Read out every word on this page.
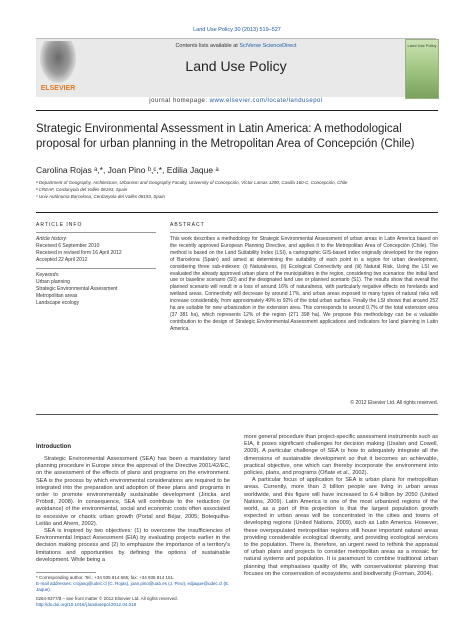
Land Use Policy 30 (2013) 519–527
ELSEVIER
Contents lists available at SciVerse ScienceDirect
Land Use Policy
Land Use Policy
journal homepage: www.elsevier.com/locate/landusepol
Strategic Environmental Assessment in Latin America: A methodological proposal for urban planning in the Metropolitan Area of Concepción (Chile)
Carolina Rojas ᵃ,*, Joan Pino ᵇ,ᶜ,*, Edilia Jaque ᵃ
ᵃ Department of Geography, Architecture, Urbanism and Geography Faculty, University of Concepción, Víctor Lamas 1290, Casilla 160-C, Concepción, Chile
ᵇ CREAF, Cerdanyola del Vallès 08193, Spain
ᶜ Univ Autònoma Barcelona, Cerdanyola del Vallès 08193, Spain
ARTICLE INFO
Article history:
Received 6 September 2010
Received in revised form 16 April 2012
Accepted 22 April 2012
Keywords:
Urban planning
Strategic Environmental Assessment
Metropolitan areas
Landscape ecology
ABSTRACT
This work describes a methodology for Strategic Environmental Assessment of urban areas in Latin America based on the recently approved European Planning Directive, and applies it to the Metropolitan Area of Concepción (Chile). The method is based on the Land Suitability Index (LSI), a cartographic GIS-based index originally developed for the region of Barcelona (Spain) and aimed at determining the suitability of each point in a region for urban development, considering three sub-indexes: (i) Naturalness, (ii) Ecological Connectivity and (iii) Natural Risk. Using the LSI we evaluated the already approved urban plans of the municipalities in the region, considering two scenarios: the initial land use or baseline scenario (S0) and the designated land use or planned scenario (S1). The results show that overall the planned scenario will result in a loss of around 16% of naturalness, with particularly negative effects on forelands and wetland areas. Connectivity will decrease by around 17%, and urban areas exposed to many types of natural risks will increase considerably, from approximately 49% to 92% of the total urban surface. Finally the LSI shows that around 252 ha are suitable for new urbanization in the extension area. This corresponds to around 0.7% of the total extension area (37 381 ha), which represents 12% of the region (271 398 ha). We propose this methodology can be a valuable contribution to the design of Strategic Environmental Assessment applications and indicators for land planning in Latin America.
© 2012 Elsevier Ltd. All rights reserved.
Introduction

Strategic Environmental Assessment (SEA) has been a mandatory land planning procedure in Europe since the approval of the Directive 2001/42/EC, on the assessment of the effects of plans and programs on the environment. SEA is the process by which environmental considerations are required to be integrated into the preparation and adoption of these plans and programs in order to promote environmentally sustainable development (Jiricka and Pröbstl, 2008). In consequence, SEA will contribute to the reduction (or avoidance) of the environmental, social and economic costs often associated to excessive or chaotic urban growth (Portal and Béjar, 2005; Botequilha-Leitão and Ahern, 2002).

SEA is inspired by two objectives: (1) to overcome the insufficiencies of Environmental Impact Assessment (EIA) by evaluating projects earlier in the decision making process and (2) to emphasize the importance of a territory's limitations and opportunities by defining the options of sustainable development. While being a

more general procedure than project-specific assessment instruments such as EIA, it poses significant challenges for decision making (Usalan and Cowell, 2009). A particular challenge of SEA is how to adequately integrate all the dimensions of sustainable development so that it becomes an achievable, practical objective, one which can thereby incorporate the environment into policies, plans, and programs (Oñate et al., 2002).

A particular focus of application for SEA is urban plans for metropolitan areas. Currently, more than 3 billion people are living in urban areas worldwide, and this figure will have increased to 6.4 billion by 2050 (United Nations, 2009). Latin America is one of the most urbanized regions of the world, as a part of this projection is that the largest population growth expected in urban areas will be concentrated in the cities and towns of developing regions (United Nations, 2009), such as Latin America. However, these overpopulated metropolitan regions still house important natural areas providing considerable ecological diversity, and providing ecological services to the population. There is, therefore, an urgent need to rethink the appraisal of urban plans and projects to consider metropolitan areas as a mosaic for natural systems and population. It is paramount to combine traditional urban planning that emphasises quality of life, with conservationist planning that focuses on the conservation of ecosystems and biodiversity (Forman, 2004).

* Corresponding author. Tel.: +34 935 814 665; fax: +34 935 814 151.
E-mail addresses: crojasq@udec.cl (C. Rojas), joan.pino@uab.es (J. Pino), edjaque@udec.cl (E. Jaque).
0264-8377/$ – see front matter © 2012 Elsevier Ltd. All rights reserved.
http://dx.doi.org/10.1016/j.landusepol.2012.04.018
